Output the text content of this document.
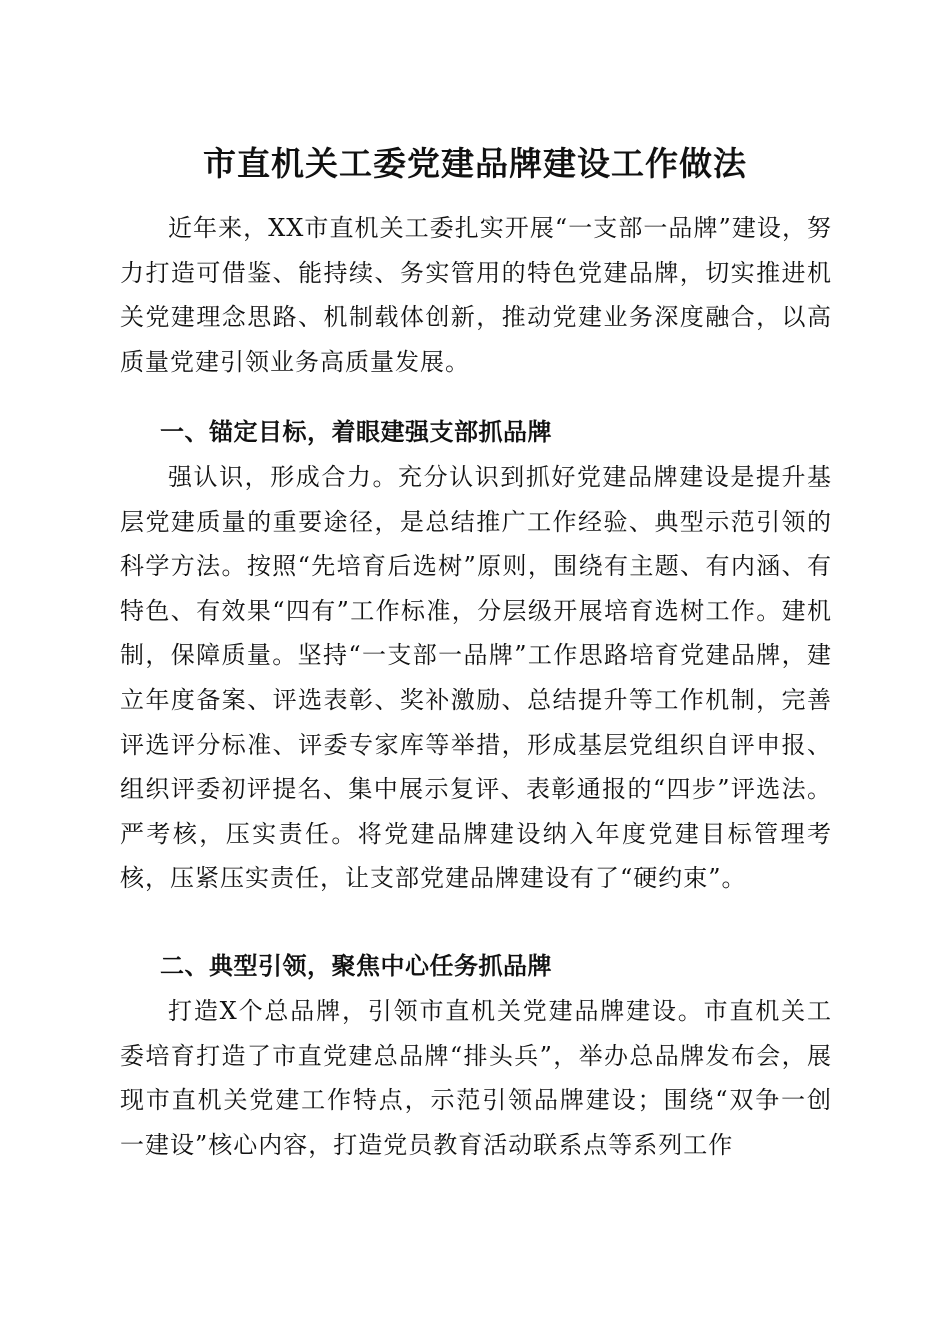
市直机关工委党建品牌建设工作做法
近年来，XX市直机关工委扎实开展“一支部一品牌”建设，努力打造可借鉴、能持续、务实管用的特色党建品牌，切实推进机关党建理念思路、机制载体创新，推动党建业务深度融合，以高质量党建引领业务高质量发展。
一、锚定目标，着眼建强支部抓品牌
强认识，形成合力。充分认识到抓好党建品牌建设是提升基层党建质量的重要途径，是总结推广工作经验、典型示范引领的科学方法。按照“先培育后选树”原则，围绕有主题、有内涵、有特色、有效果“四有”工作标准，分层级开展培育选树工作。建机制，保障质量。坚持“一支部一品牌”工作思路培育党建品牌，建立年度备案、评选表彰、奖补激励、总结提升等工作机制，完善评选评分标准、评委专家库等举措，形成基层党组织自评申报、组织评委初评提名、集中展示复评、表彰通报的“四步”评选法。严考核，压实责任。将党建品牌建设纳入年度党建目标管理考核，压紧压实责任，让支部党建品牌建设有了“硬约束”。
二、典型引领，聚焦中心任务抓品牌
打造X个总品牌，引领市直机关党建品牌建设。市直机关工委培育打造了市直党建总品牌“排头兵”，举办总品牌发布会，展现市直机关党建工作特点，示范引领品牌建设；围绕“双争一创一建设”核心内容，打造党员教育活动联系点等系列工作
